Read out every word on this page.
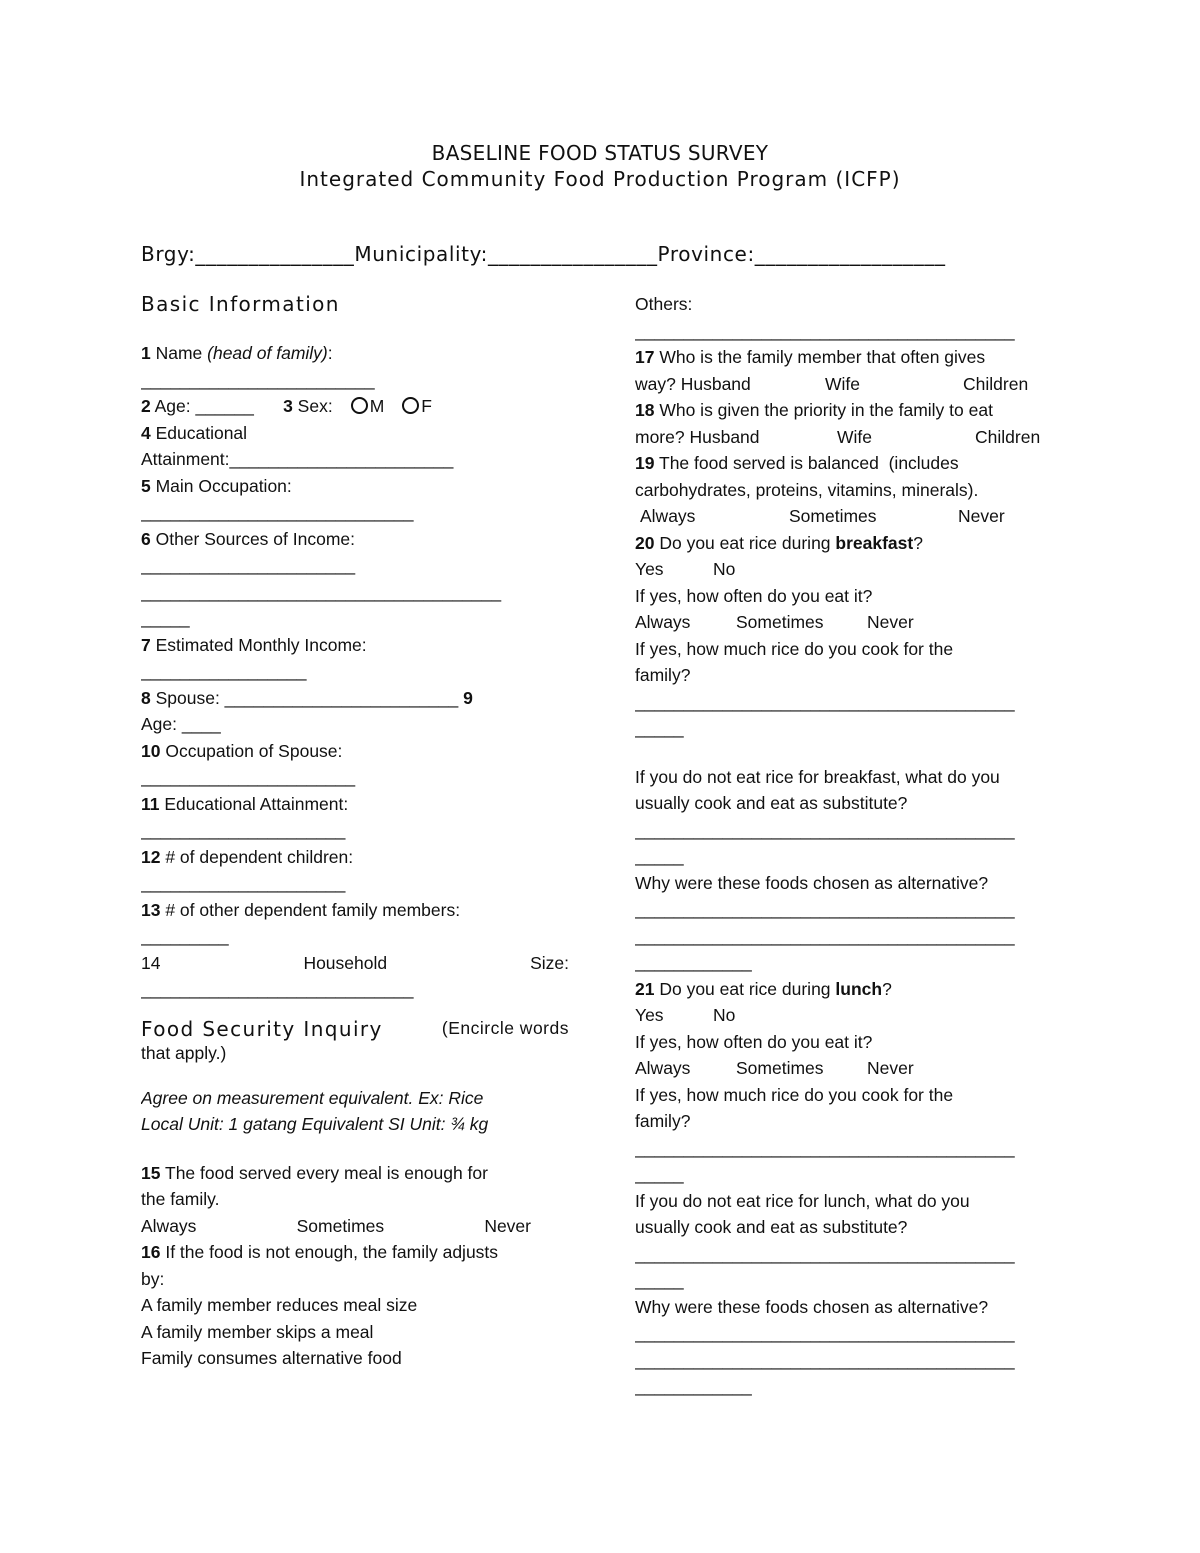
BASELINE FOOD STATUS SURVEY
Integrated Community Food Production Program (ICFP)
Brgy:_______________Municipality:________________Province:__________________
Basic Information
1 Name (head of family):
________________________
2 Age: ______ 3 Sex: M F
4 Educational
Attainment:_______________________
5 Main Occupation:
____________________________
6 Other Sources of Income:
______________________
_____________________________________
_____
7 Estimated Monthly Income:
_________________
8 Spouse: ________________________ 9
Age: ____
10 Occupation of Spouse:
______________________
11 Educational Attainment:
_____________________
12 # of dependent children:
_____________________
13 # of other dependent family members:
_________
14	Household	Size:
____________________________
Food Security Inquiry	(Encircle words
that apply.)
Agree on measurement equivalent. Ex: Rice
Local Unit: 1 gatang Equivalent SI Unit: ¾ kg
15 The food served every meal is enough for
the family.
Always	Sometimes	Never
16 If the food is not enough, the family adjusts
by:
A family member reduces meal size
A family member skips a meal
Family consumes alternative food
Others:
_______________________________________
17 Who is the family member that often gives
way? Husband	Wife	Children
18 Who is given the priority in the family to eat
more? Husband	Wife	Children
19 The food served is balanced  (includes
carbohydrates, proteins, vitamins, minerals).
Always	Sometimes	Never
20 Do you eat rice during breakfast?
Yes	No
If yes, how often do you eat it?
Always	Sometimes	Never
If yes, how much rice do you cook for the
family?
_______________________________________
_____
If you do not eat rice for breakfast, what do you
usually cook and eat as substitute?
_______________________________________
_____
Why were these foods chosen as alternative?
_______________________________________
_______________________________________
____________
21 Do you eat rice during lunch?
Yes	No
If yes, how often do you eat it?
Always	Sometimes	Never
If yes, how much rice do you cook for the
family?
_______________________________________
_____
If you do not eat rice for lunch, what do you
usually cook and eat as substitute?
_______________________________________
_____
Why were these foods chosen as alternative?
_______________________________________
_______________________________________
____________
